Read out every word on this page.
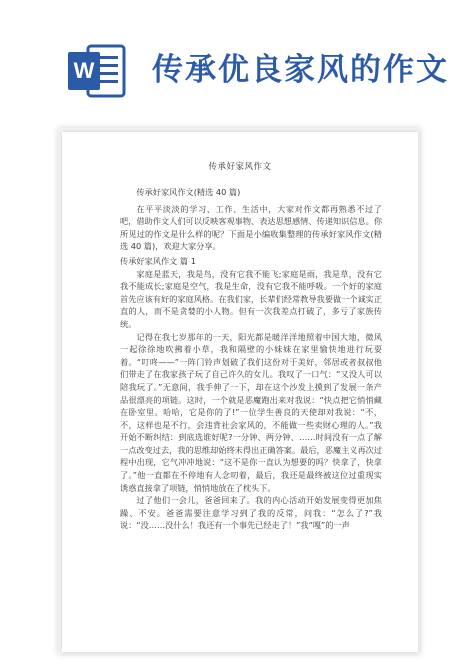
W 传承优良家风的作文
传承好家风作文

传承好家风作文(精选 40 篇)

在平平淡淡的学习、工作、生活中，大家对作文都再熟悉不过了吧，借助作文人们可以反映客观事物、表达思想感情、传递知识信息。你所见过的作文是什么样的呢？下面是小编收集整理的传承好家风作文(精选 40 篇)，欢迎大家分享。

传承好家风作文 篇 1

家庭是蓝天，我是鸟，没有它我不能飞;家庭是雨，我是草，没有它我不能成长;家庭是空气，我是生命，没有它我不能呼吸。一个好的家庭首先应该有好的家庭风格。在我们家，长辈们经常教导我要做一个诚实正直的人，而不是贪婪的小人物。但有一次我差点打破了，多亏了家族传统。

记得在我七岁那年的一天，阳光都是暖洋洋地照着中国大地，微风一起徐徐地吹拂着小草，我和隔壁的小妹妹在家里愉快地进行玩耍着。“叮咚——”一阵门铃声划破了我们这份对于美好，邻居或者叔叔他们带走了在我家孩子玩了自己许久的女儿。我叹了一口气：“又没人可以陪我玩了。”无意间，我手伸了一下，却在这个沙发上摸到了发展一条产品很漂亮的项链。这时，一个就是恶魔跑出来对我说：“快点把它悄悄藏在卧室里。哈哈，它是你的了!”一位学生善良的天使却对我说：“不，不，这样也是不行，会违背社会家风的，不能做一些卖财心理的人。”我开始不断纠结：到底选谁好呢?一分钟、两分钟、……时间没有一点了解一点改变过去，我的思维却始终未得出正确答案。最后，恶魔主义再次过程中出现，它气冲冲地说：“这不是你一直认为想要的吗？快拿了，快拿了。”他一直都在不停地有人念叨着，最后，我还是最终被这位过重现实诱惑直接拿了项链，悄悄地放在了枕头下。

过了他们一会儿，爸爸回来了。我的内心活动开始发展变得更加焦躁、不安。爸爸需要注意学习到了我的反常，问我：“怎么了?”我说：“没……没什么！我还有一个事先已经走了！”我“嘎”的一声
